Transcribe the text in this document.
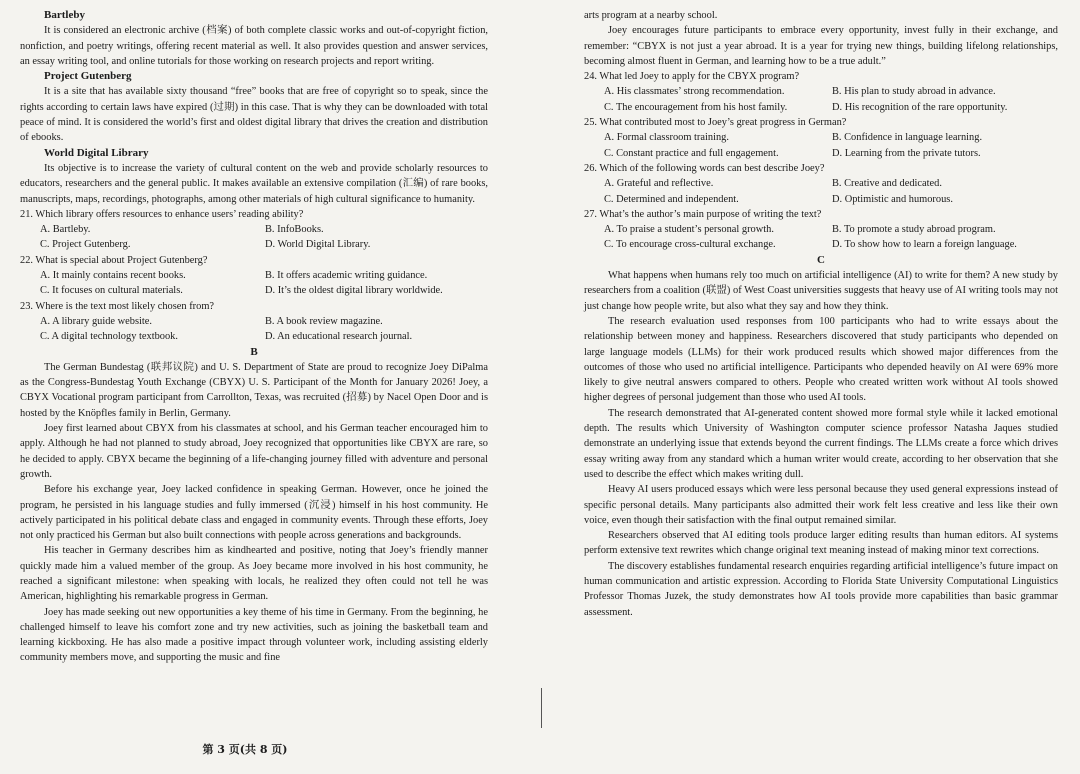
Bartleby

It is considered an electronic archive (档案) of both complete classic works and out-of-copyright fiction, nonfiction, and poetry writings, offering recent material as well. It also provides question and answer services, an essay writing tool, and online tutorials for those working on research projects and report writing.

Project Gutenberg

It is a site that has available sixty thousand “free” books that are free of copyright so to speak, since the rights according to certain laws have expired (过期) in this case. That is why they can be downloaded with total peace of mind. It is considered the world’s first and oldest digital library that drives the creation and distribution of ebooks.

World Digital Library

Its objective is to increase the variety of cultural content on the web and provide scholarly resources to educators, researchers and the general public. It makes available an extensive compilation (汇编) of rare books, manuscripts, maps, recordings, photographs, among other materials of high cultural significance to humanity.

21. Which library offers resources to enhance users’ reading ability?
A. Bartleby.	B. InfoBooks.
C. Project Gutenberg.	D. World Digital Library.
22. What is special about Project Gutenberg?
A. It mainly contains recent books.	B. It offers academic writing guidance.
C. It focuses on cultural materials.	D. It’s the oldest digital library worldwide.
23. Where is the text most likely chosen from?
A. A library guide website.	B. A book review magazine.
C. A digital technology textbook.	D. An educational research journal.
B

The German Bundestag (联邦议院) and U. S. Department of State are proud to recognize Joey DiPalma as the Congress-Bundestag Youth Exchange (CBYX) U. S. Participant of the Month for January 2026! Joey, a CBYX Vocational program participant from Carrollton, Texas, was recruited (招募) by Nacel Open Door and is hosted by the Knöpfles family in Berlin, Germany.

Joey first learned about CBYX from his classmates at school, and his German teacher encouraged him to apply. Although he had not planned to study abroad, Joey recognized that opportunities like CBYX are rare, so he decided to apply. CBYX became the beginning of a life-changing journey filled with adventure and personal growth.

Before his exchange year, Joey lacked confidence in speaking German. However, once he joined the program, he persisted in his language studies and fully immersed (沉浸) himself in his host community. He actively participated in his political debate class and engaged in community events. Through these efforts, Joey not only practiced his German but also built connections with people across generations and backgrounds.

His teacher in Germany describes him as kindhearted and positive, noting that Joey’s friendly manner quickly made him a valued member of the group. As Joey became more involved in his host community, he reached a significant milestone: when speaking with locals, he realized they often could not tell he was American, highlighting his remarkable progress in German.

Joey has made seeking out new opportunities a key theme of his time in Germany. From the beginning, he challenged himself to leave his comfort zone and try new activities, such as joining the basketball team and learning kickboxing. He has also made a positive impact through volunteer work, including assisting elderly community members move, and supporting the music and fine

arts program at a nearby school.

Joey encourages future participants to embrace every opportunity, invest fully in their exchange, and remember: “CBYX is not just a year abroad. It is a year for trying new things, building lifelong relationships, becoming almost fluent in German, and learning how to be a true adult.”

24. What led Joey to apply for the CBYX program?
A. His classmates’ strong recommendation.	B. His plan to study abroad in advance.
C. The encouragement from his host family.	D. His recognition of the rare opportunity.
25. What contributed most to Joey’s great progress in German?
A. Formal classroom training.	B. Confidence in language learning.
C. Constant practice and full engagement.	D. Learning from the private tutors.
26. Which of the following words can best describe Joey?
A. Grateful and reflective.	B. Creative and dedicated.
C. Determined and independent.	D. Optimistic and humorous.
27. What’s the author’s main purpose of writing the text?
A. To praise a student’s personal growth.	B. To promote a study abroad program.
C. To encourage cross-cultural exchange.	D. To show how to learn a foreign language.
C

What happens when humans rely too much on artificial intelligence (AI) to write for them? A new study by researchers from a coalition (联盟) of West Coast universities suggests that heavy use of AI writing tools may not just change how people write, but also what they say and how they think.

The research evaluation used responses from 100 participants who had to write essays about the relationship between money and happiness. Researchers discovered that study participants who depended on large language models (LLMs) for their work produced results which showed major differences from the outcomes of those who used no artificial intelligence. Participants who depended heavily on AI were 69% more likely to give neutral answers compared to others. People who created written work without AI tools showed higher degrees of personal judgement than those who used AI tools.

The research demonstrated that AI-generated content showed more formal style while it lacked emotional depth. The results which University of Washington computer science professor Natasha Jaques studied demonstrate an underlying issue that extends beyond the current findings. The LLMs create a force which drives essay writing away from any standard which a human writer would create, according to her observation that she used to describe the effect which makes writing dull.

Heavy AI users produced essays which were less personal because they used general expressions instead of specific personal details. Many participants also admitted their work felt less creative and less like their own voice, even though their satisfaction with the final output remained similar.

Researchers observed that AI editing tools produce larger editing results than human editors. AI systems perform extensive text rewrites which change original text meaning instead of making minor text corrections.

The discovery establishes fundamental research enquiries regarding artificial intelligence’s future impact on human communication and artistic expression. According to Florida State University Computational Linguistics Professor Thomas Juzek, the study demonstrates how AI tools provide more capabilities than basic grammar assessment.

第 3 页(共 8 页)
